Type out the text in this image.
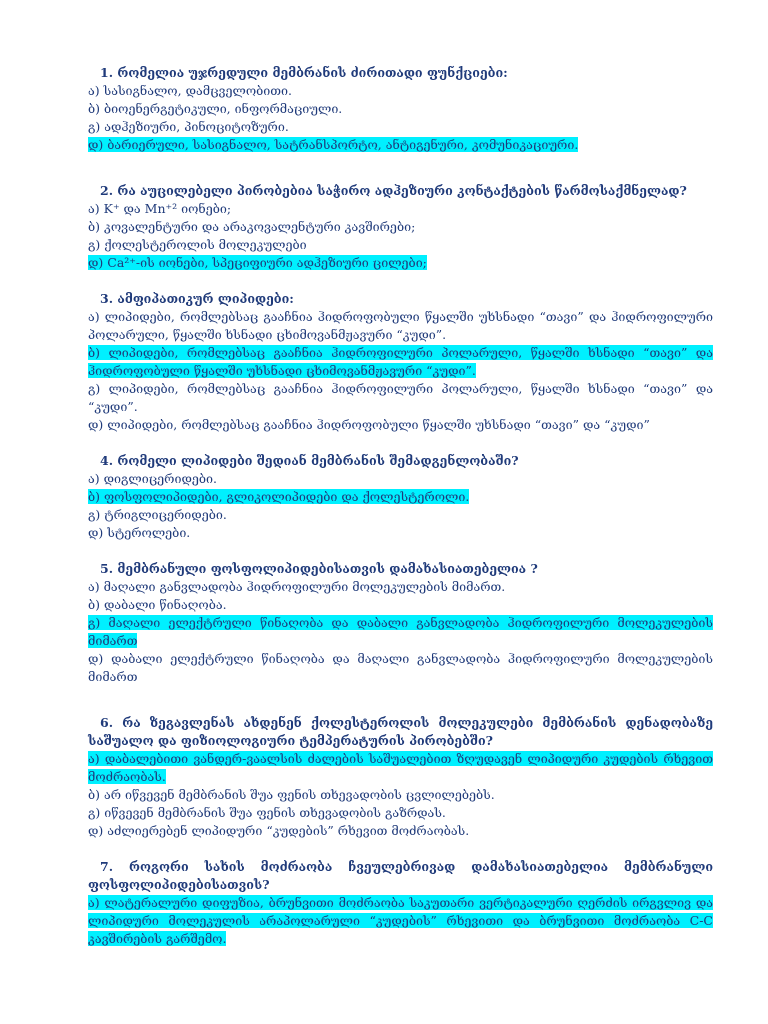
1. რომელია უჯრედული მემბრანის ძირითადი ფუნქციები:
ა) სასიგნალო, დამცველობითი.
ბ) ბიოენერგეტიკული, ინფორმაციული.
გ) ადჰეზიური, პინოციტოზური.
დ) ბარიერული, სასიგნალო, სატრანსპორტო, ანტიგენური, კომუნიკაციური.
2. რა აუცილებელი პირობებია საჭირო ადჰეზიური კონტაქტების წარმოსაქმნელად?
ა) K⁺ და Mn⁺² იონები;
ბ) კოვალენტური და არაკოვალენტური კავშირები;
გ) ქოლესტეროლის მოლეკულები
დ) Ca²⁺-ის იონები, სპეციფიური ადჰეზიური ცილები;
3. ამფიპათიკურ ლიპიდები:
ა) ლიპიდები, რომლებსაც გააჩნია ჰიდროფობული წყალში უხსნადი “თავი” და ჰიდროფილური პოლარული, წყალში ხსნადი ცხიმოვანმჟავური “კუდი”.
ბ) ლიპიდები, რომლებსაც გააჩნია ჰიდროფილური პოლარული, წყალში ხსნადი “თავი” და ჰიდროფობული წყალში უხსნადი ცხიმოვანმჟავური “კუდი”.
გ) ლიპიდები, რომლებსაც გააჩნია ჰიდროფილური პოლარული, წყალში ხსნადი “თავი” და “კუდი”.
დ) ლიპიდები, რომლებსაც გააჩნია ჰიდროფობული წყალში უხსნადი “თავი” და “კუდი”
4. რომელი ლიპიდები შედიან მემბრანის შემადგენლობაში?
ა) დიგლიცერიდები.
ბ) ფოსფოლიპიდები, გლიკოლიპიდები და ქოლესტეროლი.
გ) ტრიგლიცერიდები.
დ) სტეროლები.
5. მემბრანული ფოსფოლიპიდებისათვის დამახასიათებელია ?
ა) მაღალი განვლადობა ჰიდროფილური მოლეკულების მიმართ.
ბ) დაბალი წინაღობა.
გ) მაღალი ელექტრული წინაღობა და დაბალი განვლადობა ჰიდროფილური მოლეკულების მიმართ
დ) დაბალი ელექტრული წინაღობა და მაღალი განვლადობა ჰიდროფილური მოლეკულების მიმართ
6. რა ზეგავლენას ახდენენ ქოლესტეროლის მოლეკულები მემბრანის დენადობაზე საშუალო და ფიზიოლოგიური ტემპერატურის პირობებში?
ა) დაბალებითი ვანდერ-ვაალსის ძალების საშუალებით ზღუდავენ ლიპიდური კუდების რხევით მოძრაობას.
ბ) არ იწვევენ მემბრანის შუა ფენის თხევადობის ცვლილებებს.
გ) იწვევენ მემბრანის შუა ფენის თხევადობის გაზრდას.
დ) აძლიერებენ ლიპიდური “კუდების” რხევით მოძრაობას.
7. როგორი სახის მოძრაობა ჩვეულებრივად დამახასიათებელია მემბრანული ფოსფოლიპიდებისათვის?
ა) ლატერალური დიფუზია, ბრუნვითი მოძრაობა საკუთარი ვერტიკალური ღერძის ირგვლივ და ლიპიდური მოლეკულის არაპოლარული “კუდების” რხევითი და ბრუნვითი მოძრაობა C-C კავშირების გარშემო.
